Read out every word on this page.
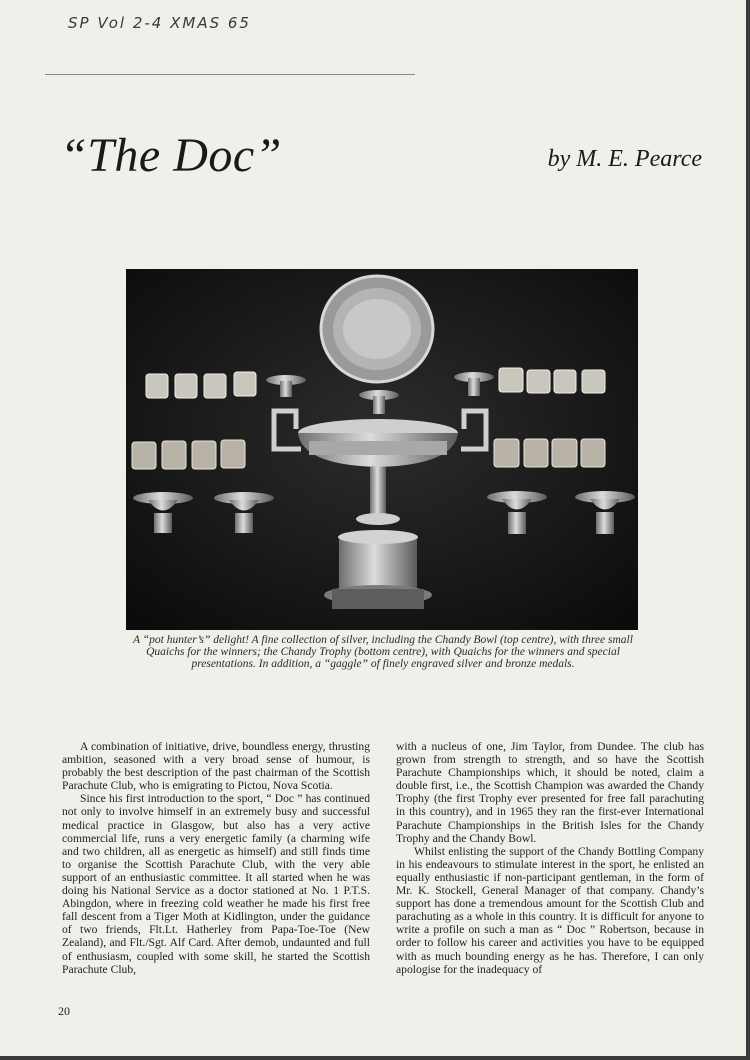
SP Vol 2-4 XMAS 65
“The Doc”	by M. E. Pearce
A “pot hunter’s” delight! A fine collection of silver, including the Chandy Bowl (top centre), with three small Quaichs for the winners; the Chandy Trophy (bottom centre), with Quaichs for the winners and special presentations. In addition, a “gaggle” of finely engraved silver and bronze medals.

A combination of initiative, drive, boundless energy, thrusting ambition, seasoned with a very broad sense of humour, is probably the best description of the past chairman of the Scottish Parachute Club, who is emigrating to Pictou, Nova Scotia.

Since his first introduction to the sport, “ Doc ” has continued not only to involve himself in an extremely busy and successful medical practice in Glasgow, but also has a very active commercial life, runs a very energetic family (a charming wife and two children, all as energetic as himself) and still finds time to organise the Scottish Parachute Club, with the very able support of an enthusiastic committee. It all started when he was doing his National Service as a doctor stationed at No. 1 P.T.S. Abingdon, where in freezing cold weather he made his first free fall descent from a Tiger Moth at Kidlington, under the guidance of two friends, Flt.Lt. Hatherley from Papa-Toe-Toe (New Zealand), and Flt./Sgt. Alf Card. After demob, undaunted and full of enthusiasm, coupled with some skill, he started the Scottish Parachute Club,

with a nucleus of one, Jim Taylor, from Dundee. The club has grown from strength to strength, and so have the Scottish Parachute Championships which, it should be noted, claim a double first, i.e., the Scottish Champion was awarded the Chandy Trophy (the first Trophy ever presented for free fall parachuting in this country), and in 1965 they ran the first-ever International Parachute Championships in the British Isles for the Chandy Trophy and the Chandy Bowl.

Whilst enlisting the support of the Chandy Bottling Company in his endeavours to stimulate interest in the sport, he enlisted an equally enthusiastic if non-participant gentleman, in the form of Mr. K. Stockell, General Manager of that company. Chandy’s support has done a tremendous amount for the Scottish Club and parachuting as a whole in this country. It is difficult for anyone to write a profile on such a man as “ Doc ” Robertson, because in order to follow his career and activities you have to be equipped with as much bounding energy as he has. Therefore, I can only apologise for the inadequacy of

20
